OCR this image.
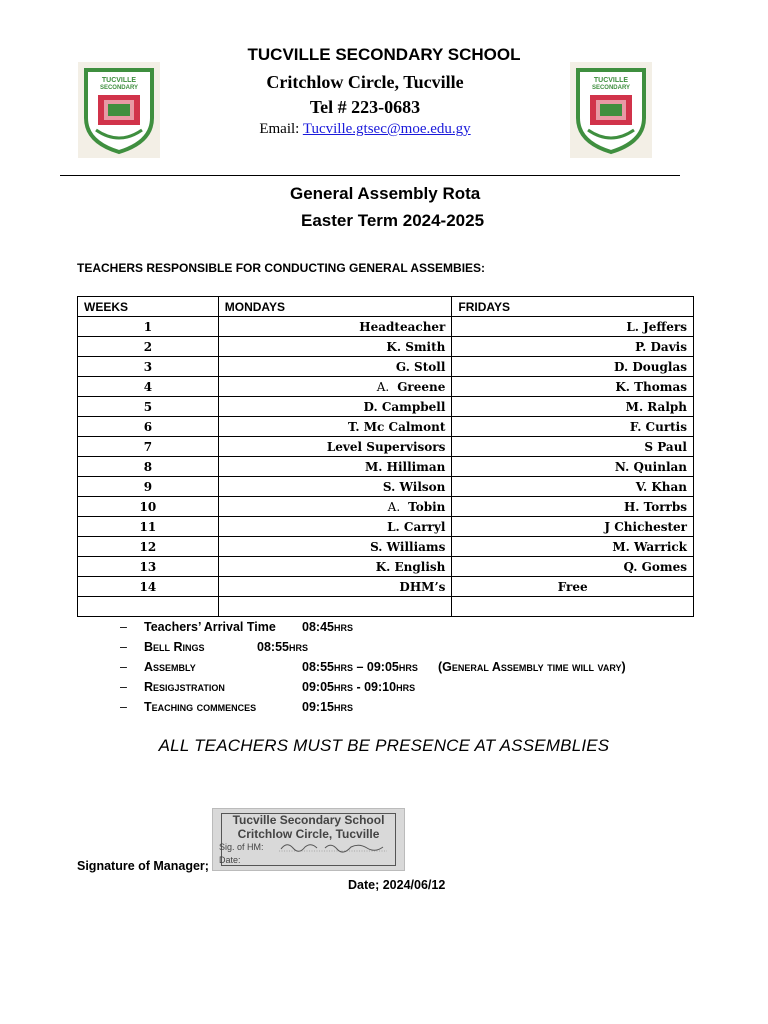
TUCVILLE
SECONDARY
TUCVILLE
SECONDARY
TUCVILLE SECONDARY SCHOOL
Critchlow Circle, Tucville
Tel # 223-0683
Email: Tucville.gtsec@moe.edu.gy
General Assembly Rota
Easter Term 2024-2025
TEACHERS RESPONSIBLE FOR CONDUCTING GENERAL ASSEMBIES:
WEEKS	MONDAYS	FRIDAYS
1	Headteacher	L. Jeffers
2	K. Smith	P. Davis
3	G. Stoll	D. Douglas
4	A. Greene	K. Thomas
5	D. Campbell	M. Ralph
6	T. Mc Calmont	F. Curtis
7	Level Supervisors	S Paul
8	M. Hilliman	N. Quinlan
9	S. Wilson	V. Khan
10	A. Tobin	H. Torrbs
11	L. Carryl	J Chichester
12	S. Williams	M. Warrick
13	K. English	Q. Gomes
14	DHM’s	Free

– Teachers’ Arrival Time 08:45hrs
– Bell Rings	08:55hrs
– Assembly	08:55hrs – 09:05hrs (General Assembly time will vary)
– Resigjstration	09:05hrs - 09:10hrs
– Teaching commences	09:15hrs
ALL TEACHERS MUST BE PRESENCE AT ASSEMBLIES
Signature of Manager;
Tucville Secondary School
Critchlow Circle, Tucville
Sig. of HM:
Date:
Date; 2024/06/12
